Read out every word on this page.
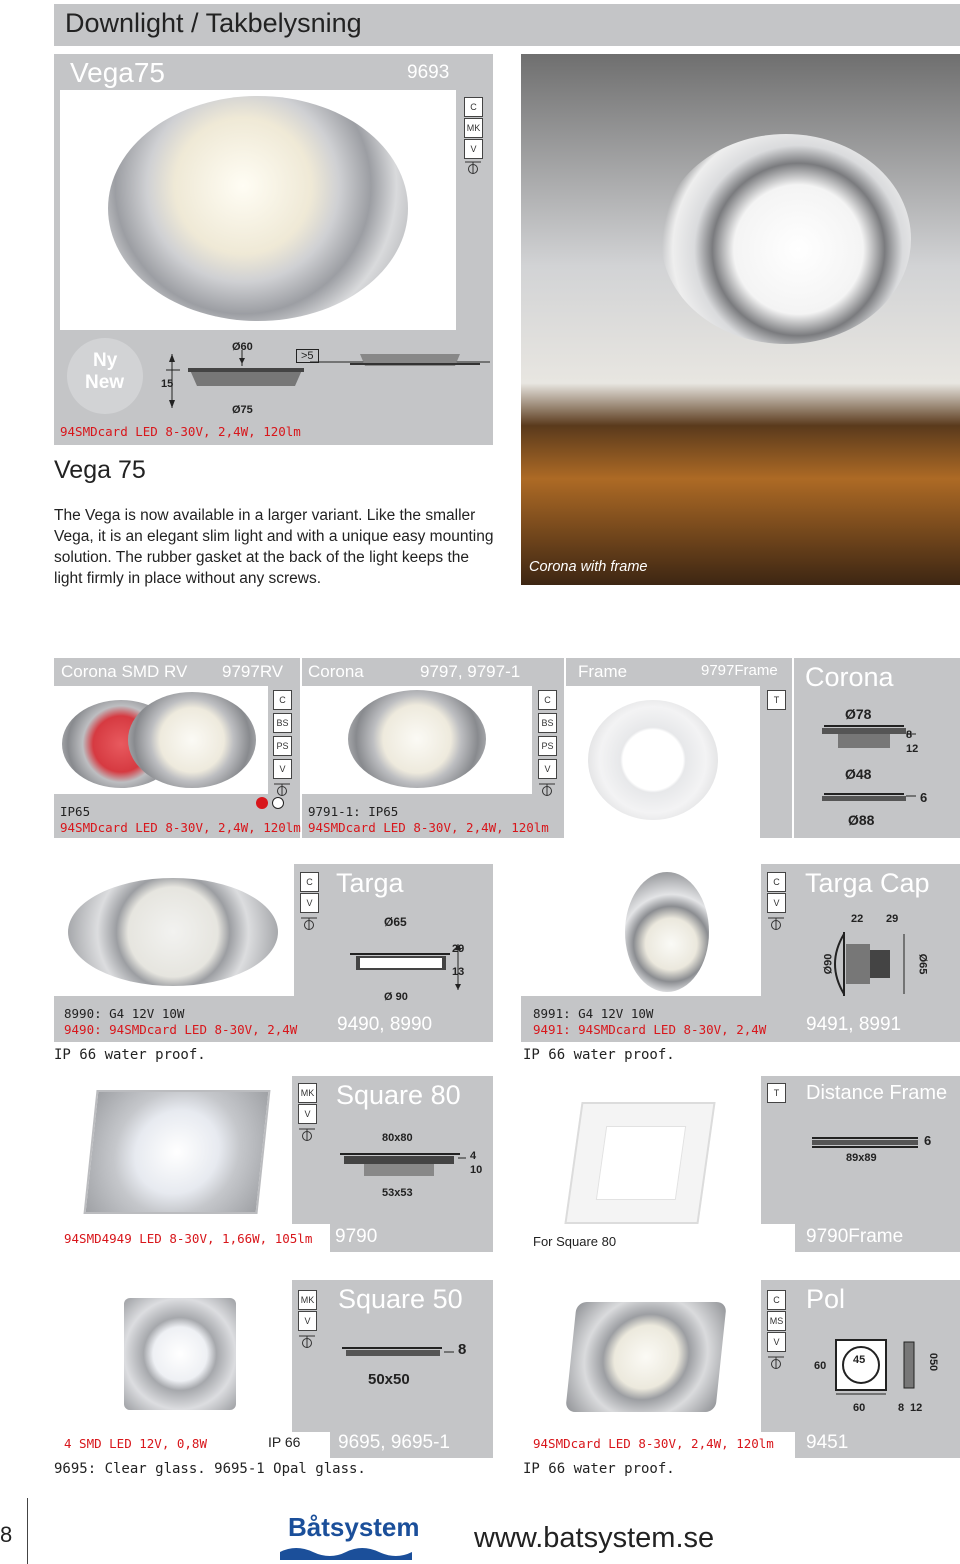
Downlight / Takbelysning
Vega75	9693
C
MK
V
Ny
New
Ø60
>5
15
Ø75
94SMDcard LED 8-30V, 2,4W, 120lm
Vega 75
The Vega is now available in a larger variant. Like the smaller Vega, it is an elegant slim light and with a unique easy mounting solution. The rubber gasket at the back of the light keeps the light firmly in place without any screws.
Corona with frame
Corona SMD RV 9797RV Corona	9797, 9797-1	Frame	9797Frame Corona
C
BS
PS
V
IP65
94SMDcard LED 8-30V, 2,4W, 120lm
C
BS
PS
V
9791-1: IP65
94SMDcard LED 8-30V, 2,4W, 120lm
T
Ø78
8
12
Ø48
6
Ø88
C
V
Targa
Ø65
29
13
Ø 90
8990: G4 12V 10W
9490: 94SMDcard LED 8-30V, 2,4W 9490, 8990
IP 66 water proof.
C
V
Targa Cap
22 29
Ø90	Ø65
8991: G4 12V 10W
9491: 94SMDcard LED 8-30V, 2,4W 9491, 8991
IP 66 water proof.
MK
V
Square 80
80x80
4
10
53x53
94SMD4949 LED 8-30V, 1,66W, 105lm 9790
T	Distance Frame
6
89x89
For Square 80	9790Frame
MK
V
Square 50
8
50x50
4 SMD LED 12V, 0,8W	IP 66 9695, 9695-1
9695: Clear glass. 9695-1 Opal glass.
C
MS
V
Pol
60 45	050
60	8 12
94SMDcard LED 8-30V, 2,4W, 120lm 9451
IP 66 water proof.
8	Båtsystem www.batsystem.se
